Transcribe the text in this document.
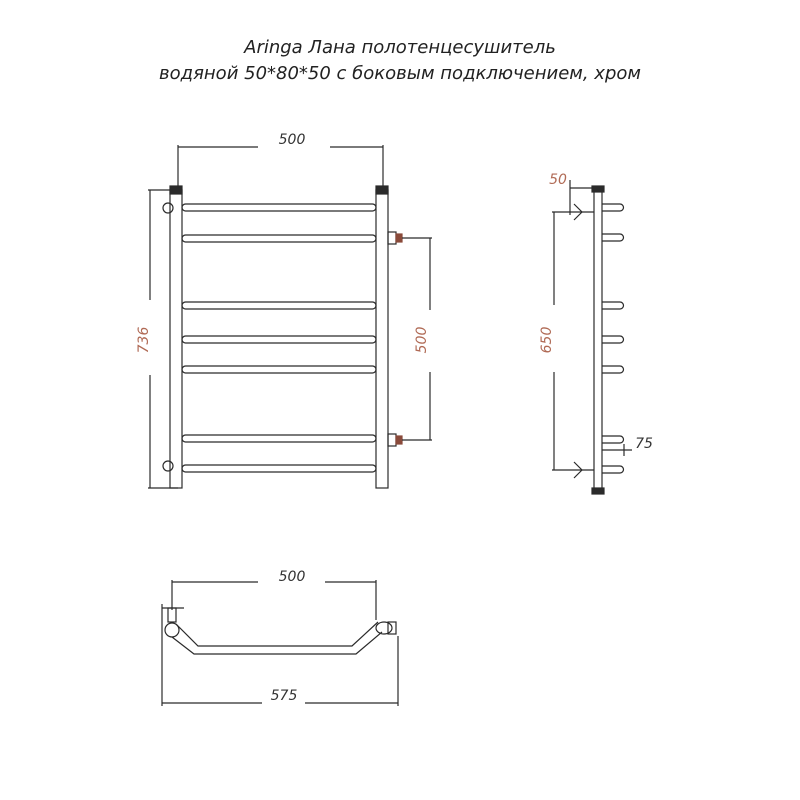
Aringa Лана полотенцесушитель
водяной 50*80*50 с боковым подключением, хром
500
736	500
50
650
75
500
575
